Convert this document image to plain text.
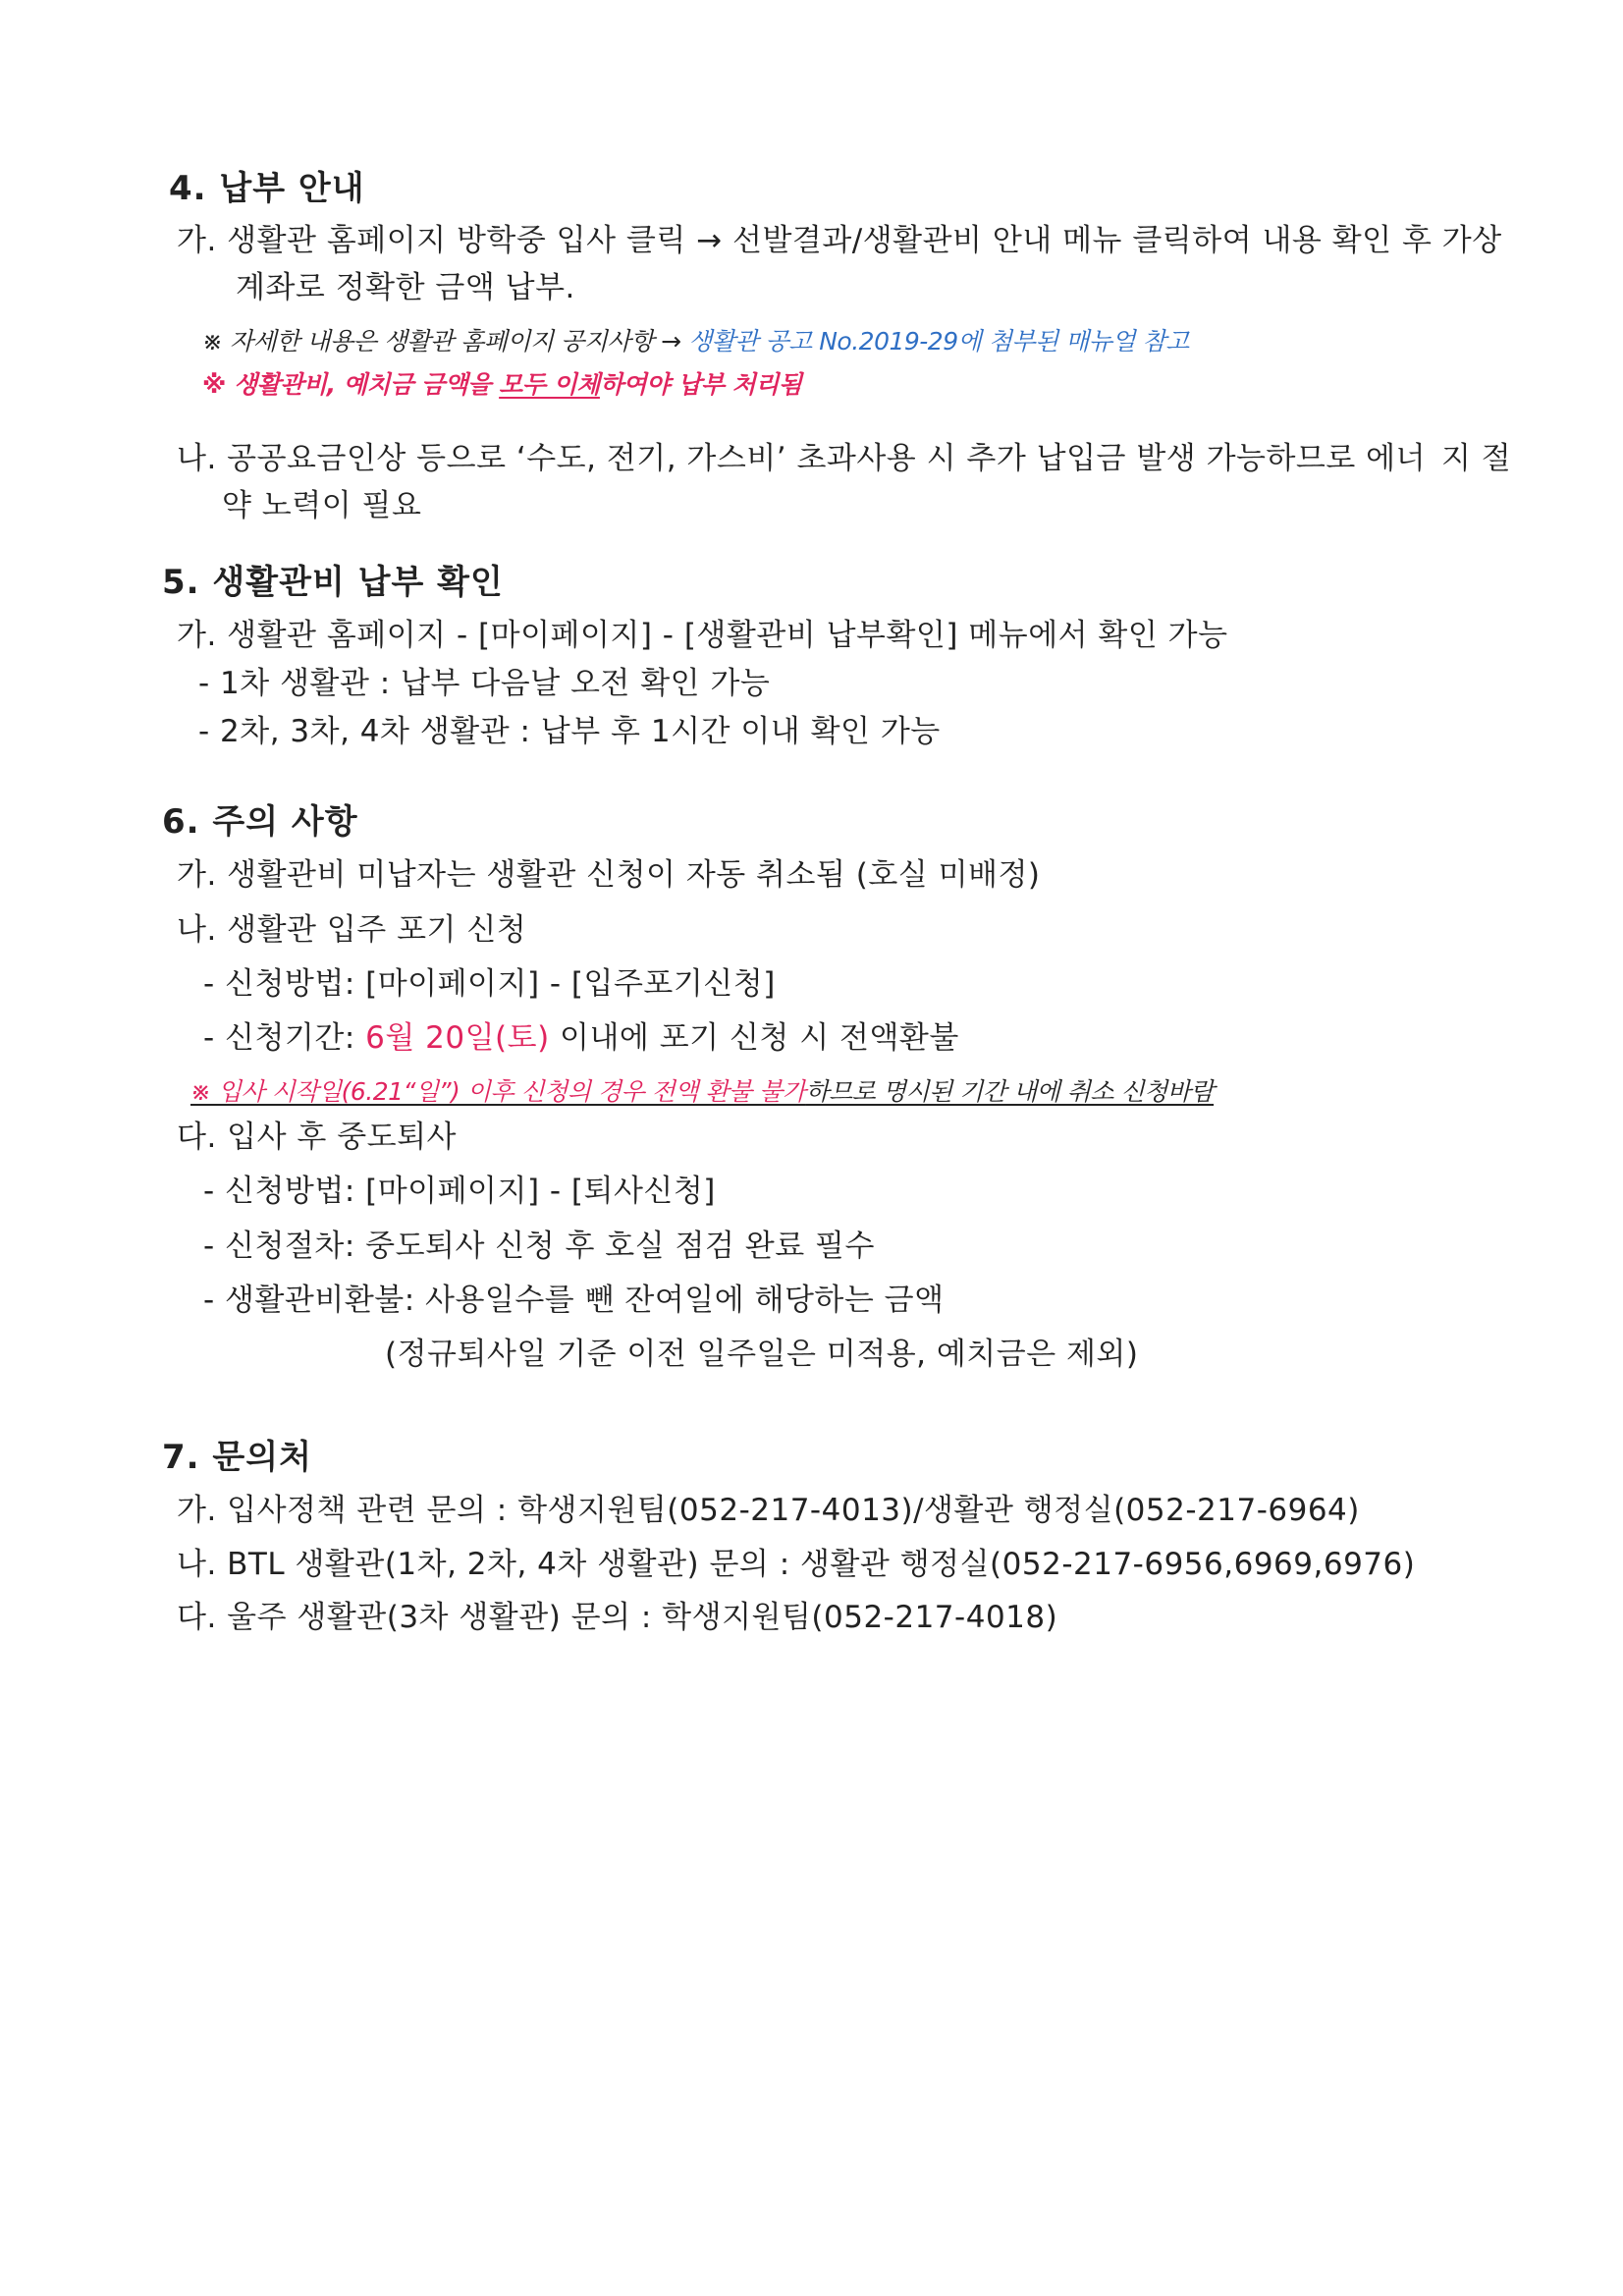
4. 납부 안내
가. 생활관 홈페이지 방학중 입사 클릭 → 선발결과/생활관비 안내 메뉴 클릭하여 내용 확인 후 가상
계좌로 정확한 금액 납부.
※ 자세한 내용은 생활관 홈페이지 공지사항 → 생활관 공고 No.2019-29에 첨부된 매뉴얼 참고
※ 생활관비, 예치금 금액을 모두 이체하여야 납부 처리됨
나. 공공요금인상 등으로 ‘수도, 전기, 가스비’ 초과사용 시 추가 납입금 발생 가능하므로 에너 지 절
약 노력이 필요
5. 생활관비 납부 확인
가. 생활관 홈페이지 - [마이페이지] - [생활관비 납부확인] 메뉴에서 확인 가능
- 1차 생활관 : 납부 다음날 오전 확인 가능
- 2차, 3차, 4차 생활관 : 납부 후 1시간 이내 확인 가능
6. 주의 사항
가. 생활관비 미납자는 생활관 신청이 자동 취소됨 (호실 미배정)
나. 생활관 입주 포기 신청
- 신청방법: [마이페이지] - [입주포기신청]
- 신청기간: 6월 20일(토) 이내에 포기 신청 시 전액환불
※ 입사 시작일(6.21“일”) 이후 신청의 경우 전액 환불 불가하므로 명시된 기간 내에 취소 신청바람
다. 입사 후 중도퇴사
- 신청방법: [마이페이지] - [퇴사신청]
- 신청절차: 중도퇴사 신청 후 호실 점검 완료 필수
- 생활관비환불: 사용일수를 뺀 잔여일에 해당하는 금액
(정규퇴사일 기준 이전 일주일은 미적용, 예치금은 제외)
7. 문의처
가. 입사정책 관련 문의 : 학생지원팀(052-217-4013)/생활관 행정실(052-217-6964)
나. BTL 생활관(1차, 2차, 4차 생활관) 문의 : 생활관 행정실(052-217-6956,6969,6976)
다. 울주 생활관(3차 생활관) 문의 : 학생지원팀(052-217-4018)
